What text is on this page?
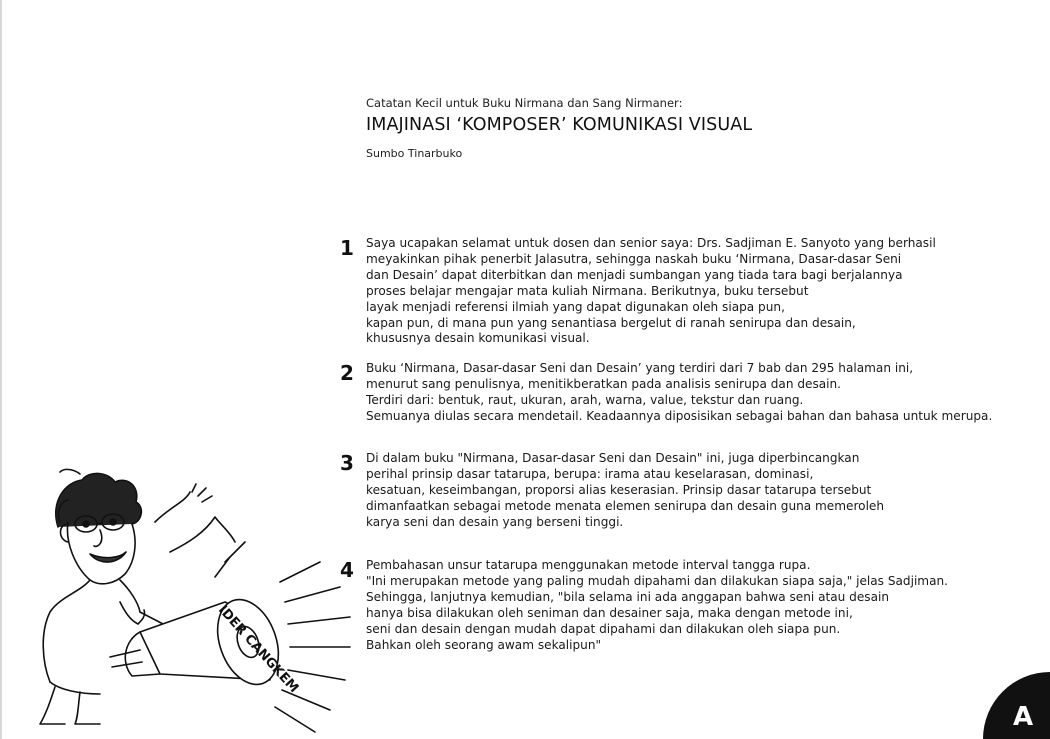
Catatan Kecil untuk Buku Nirmana dan Sang Nirmaner:
IMAJINASI ‘KOMPOSER’ KOMUNIKASI VISUAL
Sumbo Tinarbuko
1 Saya ucapakan selamat untuk dosen dan senior saya: Drs. Sadjiman E. Sanyoto yang berhasil
meyakinkan pihak penerbit Jalasutra, sehingga naskah buku ‘Nirmana, Dasar-dasar Seni
dan Desain’ dapat diterbitkan dan menjadi sumbangan yang tiada tara bagi berjalannya
proses belajar mengajar mata kuliah Nirmana. Berikutnya, buku tersebut
layak menjadi referensi ilmiah yang dapat digunakan oleh siapa pun,
kapan pun, di mana pun yang senantiasa bergelut di ranah senirupa dan desain,
khususnya desain komunikasi visual.
2 Buku ‘Nirmana, Dasar-dasar Seni dan Desain’ yang terdiri dari 7 bab dan 295 halaman ini,
menurut sang penulisnya, menitikberatkan pada analisis senirupa dan desain.
Terdiri dari: bentuk, raut, ukuran, arah, warna, value, tekstur dan ruang.
Semuanya diulas secara mendetail. Keadaannya diposisikan sebagai bahan dan bahasa untuk merupa.
3 Di dalam buku "Nirmana, Dasar-dasar Seni dan Desain" ini, juga diperbincangkan
perihal prinsip dasar tatarupa, berupa: irama atau keselarasan, dominasi,
kesatuan, keseimbangan, proporsi alias keserasian. Prinsip dasar tatarupa tersebut
dimanfaatkan sebagai metode menata elemen senirupa dan desain guna memeroleh
karya seni dan desain yang berseni tinggi.
4 Pembahasan unsur tatarupa menggunakan metode interval tangga rupa.
"Ini merupakan metode yang paling mudah dipahami dan dilakukan siapa saja," jelas Sadjiman.
Sehingga, lanjutnya kemudian, "bila selama ini ada anggapan bahwa seni atau desain
hanya bisa dilakukan oleh seniman dan desainer saja, maka dengan metode ini,
seni dan desain dengan mudah dapat dipahami dan dilakukan oleh siapa pun.
Bahkan oleh seorang awam sekalipun"
IDER CANGKEM
A
